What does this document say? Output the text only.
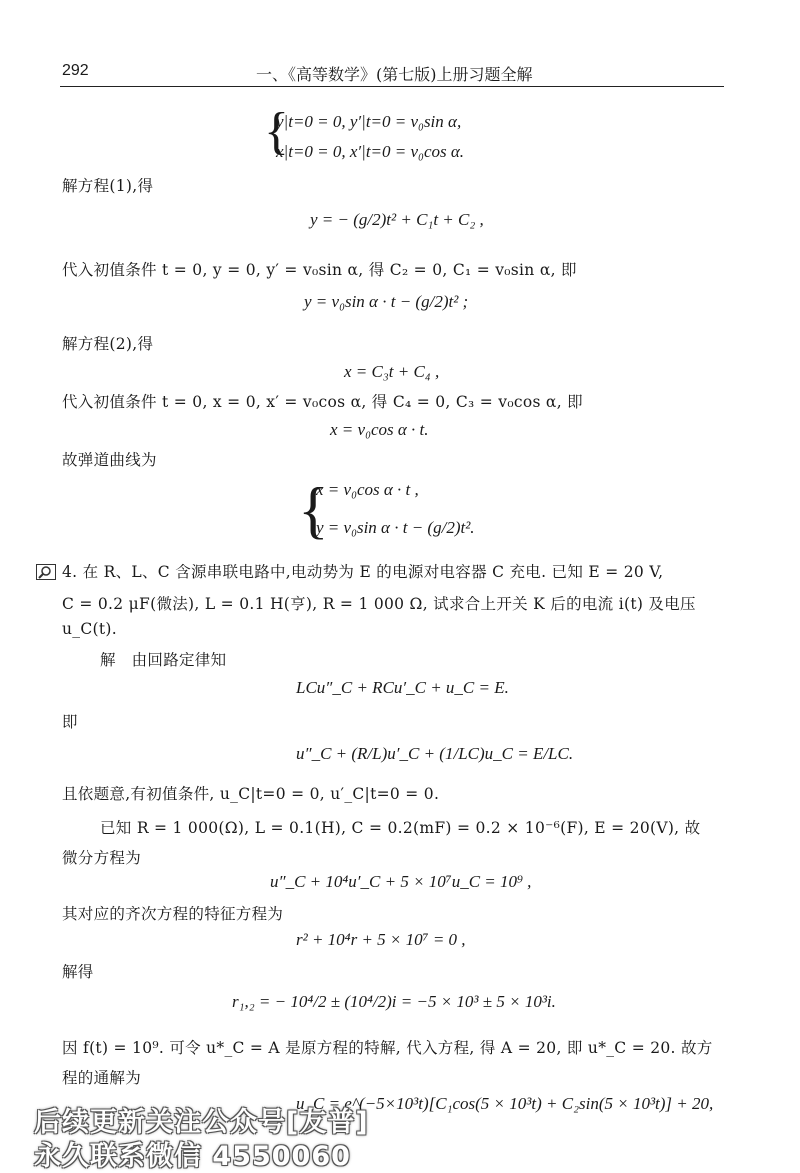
292	一、《高等数学》(第七版)上册习题全解
{
y|t=0 = 0, y′|t=0 = v₀sin α,
x|t=0 = 0, x′|t=0 = v₀cos α.
解方程(1),得
y = − (g/2)t² + C₁t + C₂ ,
代入初值条件 t = 0, y = 0, y′ = v₀sin α, 得 C₂ = 0, C₁ = v₀sin α, 即
y = v₀sin α · t − (g/2)t² ;
解方程(2),得
x = C₃t + C₄ ,
代入初值条件 t = 0, x = 0, x′ = v₀cos α, 得 C₄ = 0, C₃ = v₀cos α, 即
x = v₀cos α · t.
故弹道曲线为
{
x = v₀cos α · t ,
y = v₀sin α · t − (g/2)t².
4. 在 R、L、C 含源串联电路中,电动势为 E 的电源对电容器 C 充电. 已知 E = 20 V,
C = 0.2 μF(微法), L = 0.1 H(亨), R = 1 000 Ω, 试求合上开关 K 后的电流 i(t) 及电压
u_C(t).
解　由回路定律知
LCu″_C + RCu′_C + u_C = E.
即
u″_C + (R/L)u′_C + (1/LC)u_C = E/LC.
且依题意,有初值条件, u_C|t=0 = 0, u′_C|t=0 = 0.
已知 R = 1 000(Ω), L = 0.1(H), C = 0.2(mF) = 0.2 × 10⁻⁶(F), E = 20(V), 故
微分方程为
u″_C + 10⁴u′_C + 5 × 10⁷u_C = 10⁹ ,
其对应的齐次方程的特征方程为
r² + 10⁴r + 5 × 10⁷ = 0 ,
解得
r₁,₂ = − 10⁴/2 ± (10⁴/2)i = −5 × 10³ ± 5 × 10³i.
因 f(t) = 10⁹. 可令 u*_C = A 是原方程的特解, 代入方程, 得 A = 20, 即 u*_C = 20. 故方
程的通解为
u_C = e^(−5×10³t)[C₁cos(5 × 10³t) + C₂sin(5 × 10³t)] + 20,
后续更新关注公众号[友普]
永久联系微信 4550060
